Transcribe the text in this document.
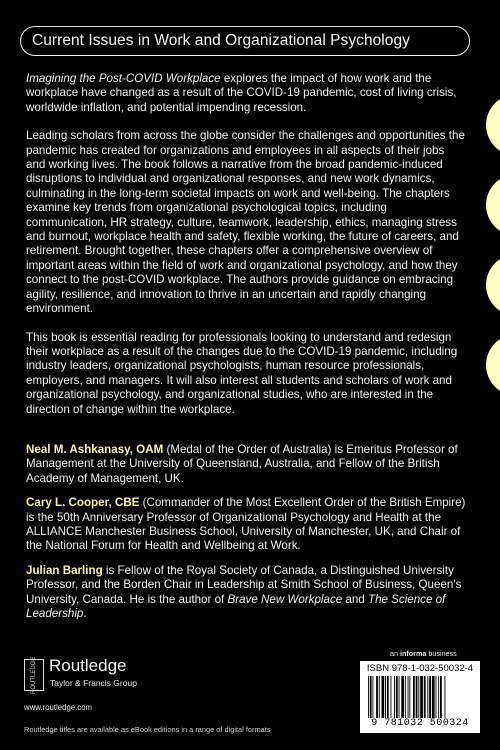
Current Issues in Work and Organizational Psychology

Imagining the Post-COVID Workplace explores the impact of how work and the workplace have changed as a result of the COVID-19 pandemic, cost of living crisis, worldwide inflation, and potential impending recession.

Leading scholars from across the globe consider the challenges and opportunities the pandemic has created for organizations and employees in all aspects of their jobs and working lives. The book follows a narrative from the broad pandemic-induced disruptions to individual and organizational responses, and new work dynamics, culminating in the long-term societal impacts on work and well-being. The chapters examine key trends from organizational psychological topics, including communication, HR strategy, culture, teamwork, leadership, ethics, managing stress and burnout, workplace health and safety, flexible working, the future of careers, and retirement. Brought together, these chapters offer a comprehensive overview of important areas within the field of work and organizational psychology, and how they connect to the post-COVID workplace. The authors provide guidance on embracing agility, resilience, and innovation to thrive in an uncertain and rapidly changing environment.

This book is essential reading for professionals looking to understand and redesign their workplace as a result of the changes due to the COVID-19 pandemic, including industry leaders, organizational psychologists, human resource professionals, employers, and managers. It will also interest all students and scholars of work and organizational psychology, and organizational studies, who are interested in the direction of change within the workplace.

Neal M. Ashkanasy, OAM (Medal of the Order of Australia) is Emeritus Professor of Management at the University of Queensland, Australia, and Fellow of the British Academy of Management, UK.

Cary L. Cooper, CBE (Commander of the Most Excellent Order of the British Empire) is the 50th Anniversary Professor of Organizational Psychology and Health at the ALLIANCE Manchester Business School, University of Manchester, UK, and Chair of the National Forum for Health and Wellbeing at Work.

Julian Barling is Fellow of the Royal Society of Canada, a Distinguished University Professor, and the Borden Chair in Leadership at Smith School of Business, Queen’s University, Canada. He is the author of Brave New Workplace and The Science of Leadership.

ROUTLEDGE Routledge
Taylor & Francis Group
www.routledge.com
Routledge titles are available as eBook editions in a range of digital formats
an informa business
ISBN 978-1-032-50032-4
9 781032 500324
